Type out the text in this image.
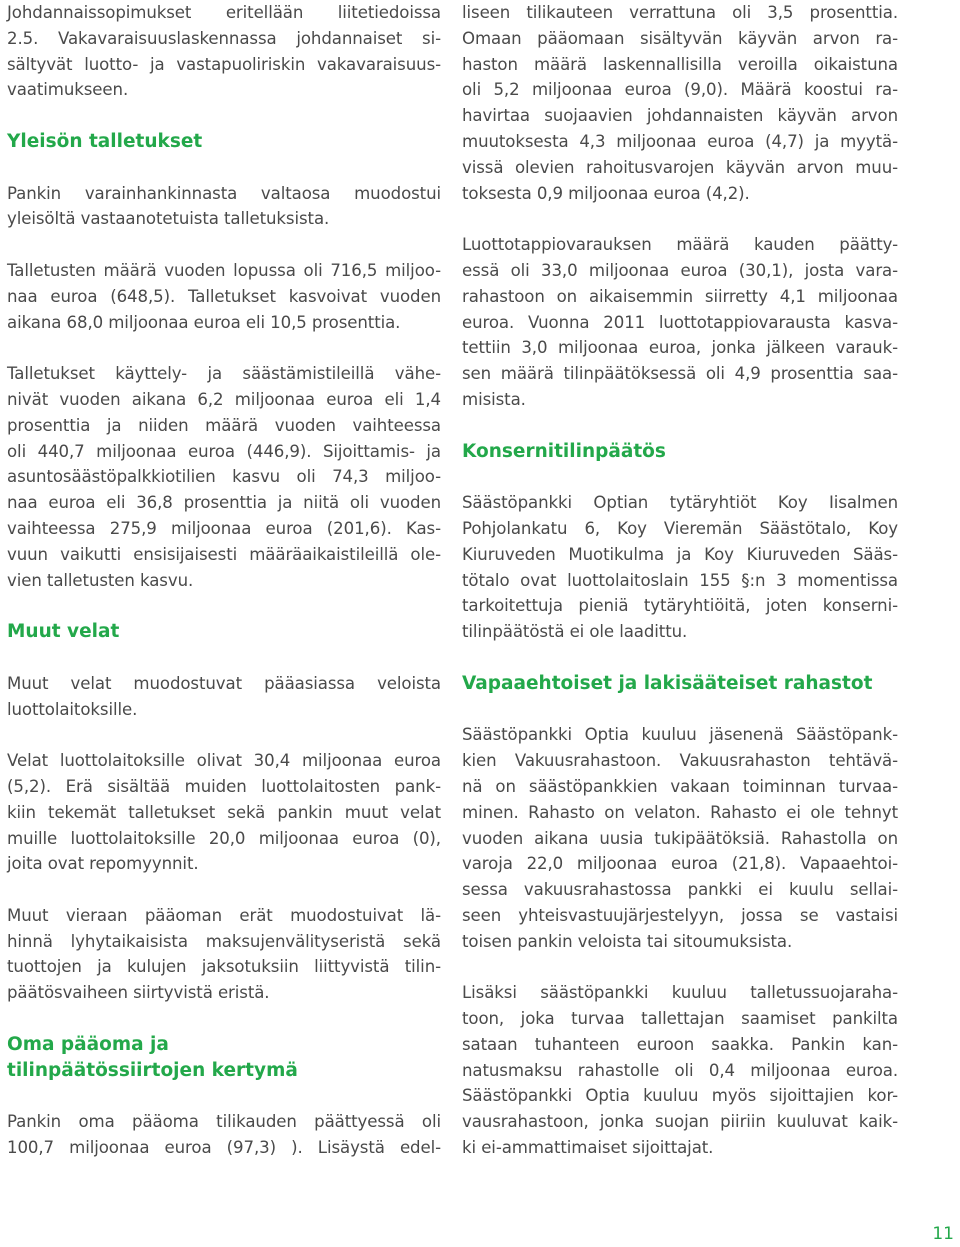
Johdannaissopimukset eritellään liitetiedoissa
2.5. Vakavaraisuuslaskennassa johdannaiset si-
sältyvät luotto- ja vastapuoliriskin vakavaraisuus-
vaatimukseen.
Yleisön talletukset
Pankin varainhankinnasta valtaosa muodostui
yleisöltä vastaanotetuista talletuksista.
Talletusten määrä vuoden lopussa oli 716,5 miljoo-
naa euroa (648,5). Talletukset kasvoivat vuoden
aikana 68,0 miljoonaa euroa eli 10,5 prosenttia.
Talletukset käyttely- ja säästämistileillä vähe-
nivät vuoden aikana 6,2 miljoonaa euroa eli 1,4
prosenttia ja niiden määrä vuoden vaihteessa
oli 440,7 miljoonaa euroa (446,9). Sijoittamis- ja
asuntosäästöpalkkiotilien kasvu oli 74,3 miljoo-
naa euroa eli 36,8 prosenttia ja niitä oli vuoden
vaihteessa 275,9 miljoonaa euroa (201,6). Kas-
vuun vaikutti ensisijaisesti määräaikaistileillä ole-
vien talletusten kasvu.
Muut velat
Muut velat muodostuvat pääasiassa veloista
luottolaitoksille.
Velat luottolaitoksille olivat 30,4 miljoonaa euroa
(5,2). Erä sisältää muiden luottolaitosten pank-
kiin tekemät talletukset sekä pankin muut velat
muille luottolaitoksille 20,0 miljoonaa euroa (0),
joita ovat repomyynnit.
Muut vieraan pääoman erät muodostuivat lä-
hinnä lyhytaikaisista maksujenvälityseristä sekä
tuottojen ja kulujen jaksotuksiin liittyvistä tilin-
päätösvaiheen siirtyvistä eristä.
Oma pääoma ja
tilinpäätössiirtojen kertymä
Pankin oma pääoma tilikauden päättyessä oli
100,7 miljoonaa euroa (97,3) ). Lisäystä edel-
liseen tilikauteen verrattuna oli 3,5 prosenttia.
Omaan pääomaan sisältyvän käyvän arvon ra-
haston määrä laskennallisilla veroilla oikaistuna
oli 5,2 miljoonaa euroa (9,0). Määrä koostui ra-
havirtaa suojaavien johdannaisten käyvän arvon
muutoksesta 4,3 miljoonaa euroa (4,7) ja myytä-
vissä olevien rahoitusvarojen käyvän arvon muu-
toksesta 0,9 miljoonaa euroa (4,2).
Luottotappiovarauksen määrä kauden päätty-
essä oli 33,0 miljoonaa euroa (30,1), josta vara-
rahastoon on aikaisemmin siirretty 4,1 miljoonaa
euroa. Vuonna 2011 luottotappiovarausta kasva-
tettiin 3,0 miljoonaa euroa, jonka jälkeen varauk-
sen määrä tilinpäätöksessä oli 4,9 prosenttia saa-
misista.
Konsernitilinpäätös
Säästöpankki Optian tytäryhtiöt Koy Iisalmen
Pohjolankatu 6, Koy Vieremän Säästötalo, Koy
Kiuruveden Muotikulma ja Koy Kiuruveden Sääs-
tötalo ovat luottolaitoslain 155 §:n 3 momentissa
tarkoitettuja pieniä tytäryhtiöitä, joten konserni-
tilinpäätöstä ei ole laadittu.
Vapaaehtoiset ja lakisääteiset rahastot
Säästöpankki Optia kuuluu jäsenenä Säästöpank-
kien Vakuusrahastoon. Vakuusrahaston tehtävä-
nä on säästöpankkien vakaan toiminnan turvaa-
minen. Rahasto on velaton. Rahasto ei ole tehnyt
vuoden aikana uusia tukipäätöksiä. Rahastolla on
varoja 22,0 miljoonaa euroa (21,8). Vapaaehtoi-
sessa vakuusrahastossa pankki ei kuulu sellai-
seen yhteisvastuujärjestelyyn, jossa se vastaisi
toisen pankin veloista tai sitoumuksista.
Lisäksi säästöpankki kuuluu talletussuojaraha-
toon, joka turvaa tallettajan saamiset pankilta
sataan tuhanteen euroon saakka. Pankin kan-
natusmaksu rahastolle oli 0,4 miljoonaa euroa.
Säästöpankki Optia kuuluu myös sijoittajien kor-
vausrahastoon, jonka suojan piiriin kuuluvat kaik-
ki ei-ammattimaiset sijoittajat.
11
